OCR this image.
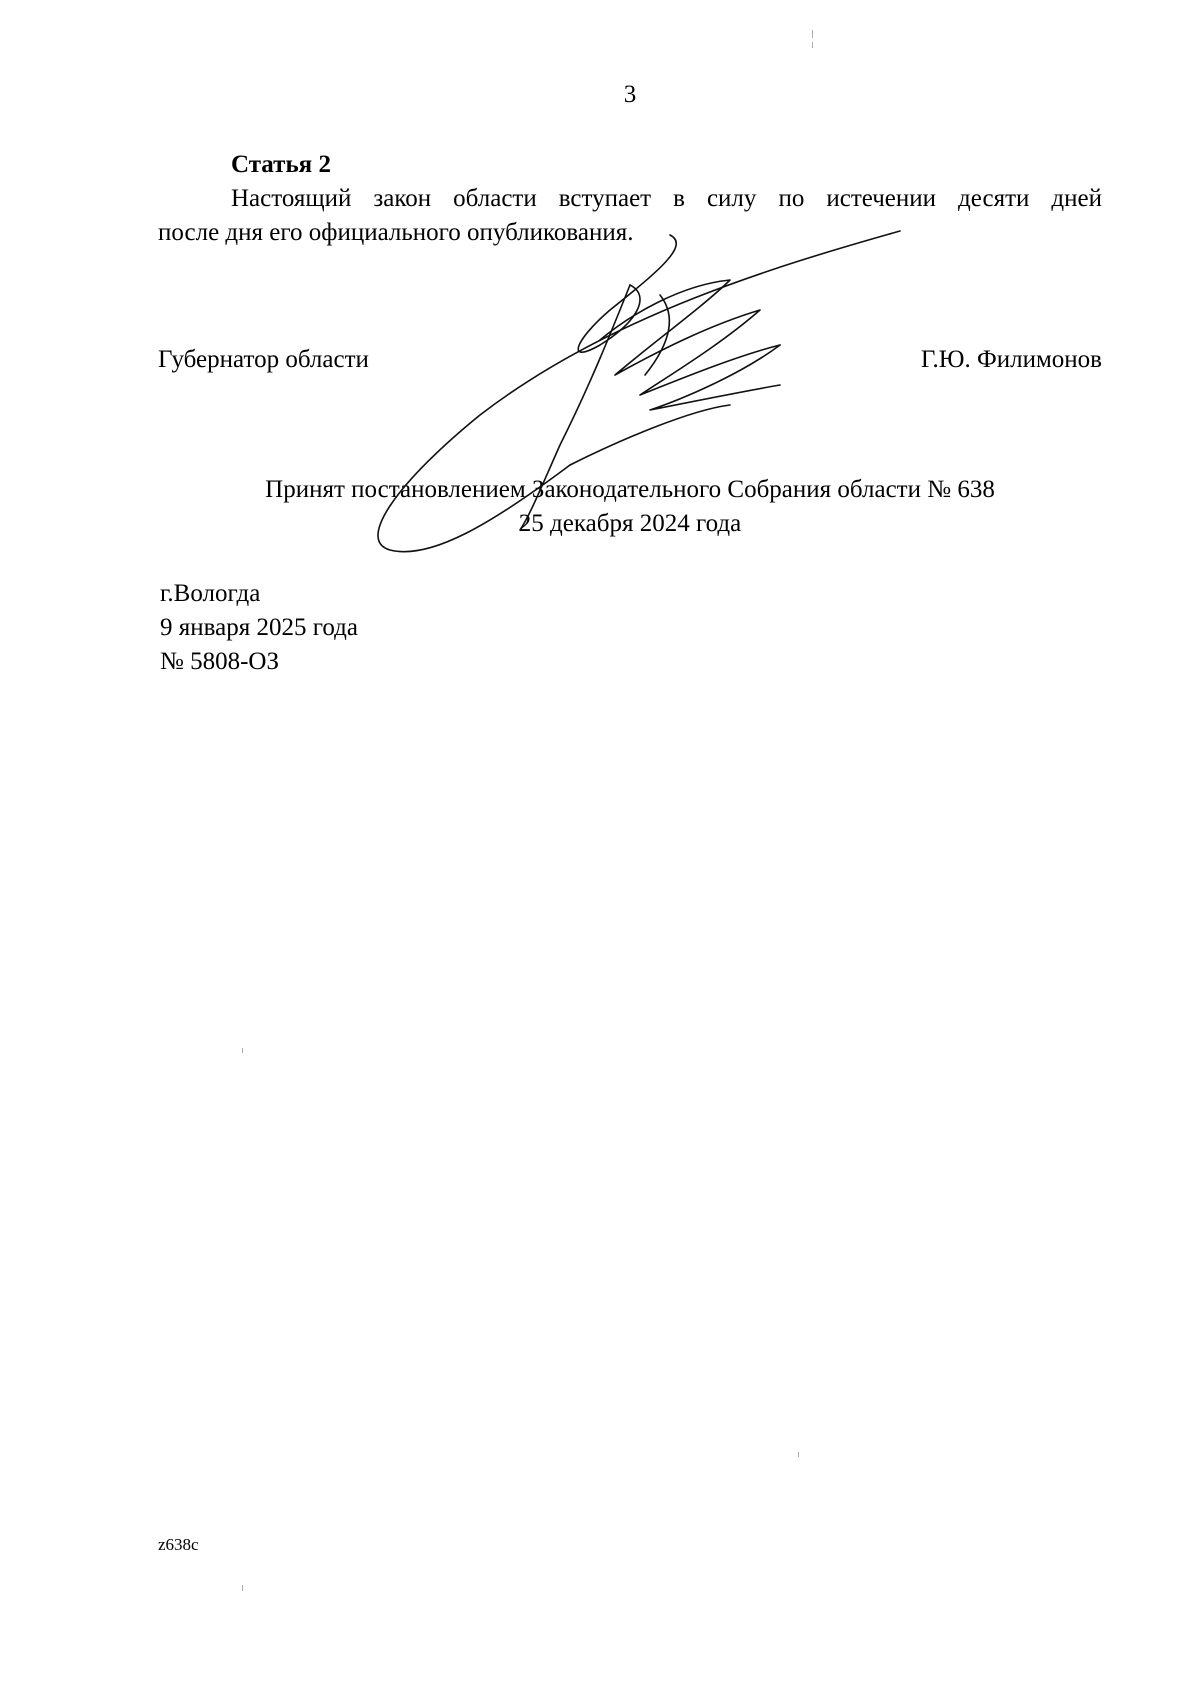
3
Статья 2
Настоящий закон области вступает в силу по истечении десяти дней
после дня его официального опубликования.
Губернатор области	Г.Ю. Филимонов
Принят постановлением Законодательного Собрания области № 638
25 декабря 2024 года
г.Вологда
9 января 2025 года
№ 5808-ОЗ
z638c
